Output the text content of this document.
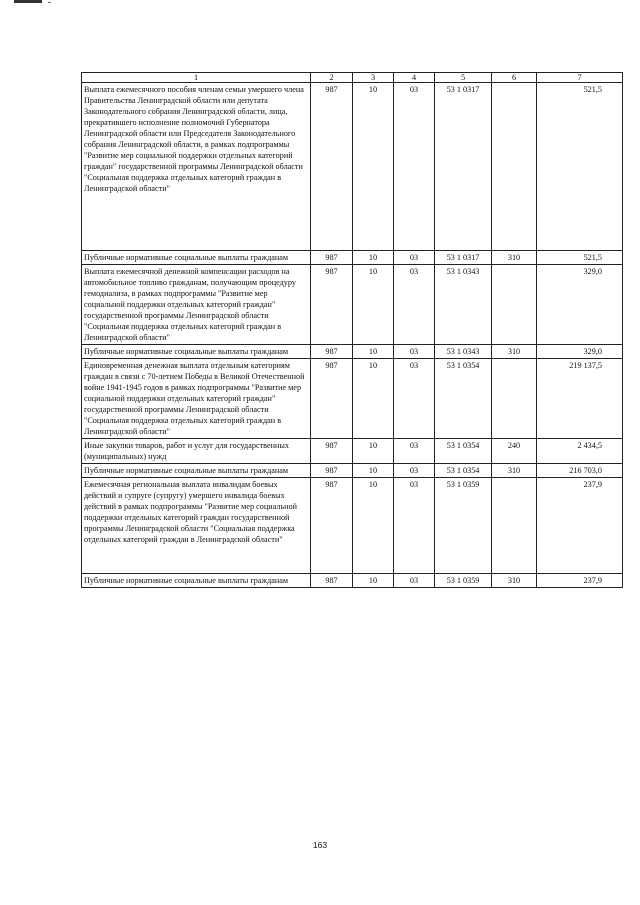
1	2	3	4	5	6	7
Выплата ежемесячного пособия членам семьи умершего члена Правительства Ленинградской области или депутата Законодательного собрания Ленинградской области, лица, прекратившего исполнение полномочий Губернатора Ленинградской области или Председателя Законодательного собрания Ленинградской области, в рамках подпрограммы "Развитие мер социальной поддержки отдельных категорий граждан" государственной программы Ленинградской области "Социальная поддержка отдельных категорий граждан в Ленинградской области"	987	10	03	53 1 0317		521,5
Публичные нормативные социальные выплаты гражданам	987	10	03	53 1 0317	310	521,5
Выплата ежемесячной денежной компенсации расходов на автомобильное топливо гражданам, получающим процедуру гемодиализа, в рамках подпрограммы "Развитие мер социальной поддержки отдельных категорий граждан" государственной программы Ленинградской области "Социальная поддержка отдельных категорий граждан в Ленинградской области"	987	10	03	53 1 0343		329,0
Публичные нормативные социальные выплаты гражданам	987	10	03	53 1 0343	310	329,0
Единовременная денежная выплата отдельным категориям граждан в связи с 70-летием Победы в Великой Отечественной войне 1941-1945 годов в рамках подпрограммы "Развитие мер социальной поддержки отдельных категорий граждан" государственной программы Ленинградской области "Социальная поддержка отдельных категорий граждан в Ленинградской области"	987	10	03	53 1 0354		219 137,5
Иные закупки товаров, работ и услуг для государственных (муниципальных) нужд	987	10	03	53 1 0354	240	2 434,5
Публичные нормативные социальные выплаты гражданам	987	10	03	53 1 0354	310	216 703,0
Ежемесячная региональная выплата инвалидам боевых действий и супруге (супругу) умершего инвалида боевых действий в рамках подпрограммы "Развитие мер социальной поддержки отдельных категорий граждан государственной программы Ленинградской области "Социальная поддержка отдельных категорий граждан в Ленинградской области"	987	10	03	53 1 0359		237,9
Публичные нормативные социальные выплаты гражданам	987	10	03	53 1 0359	310	237,9
163
